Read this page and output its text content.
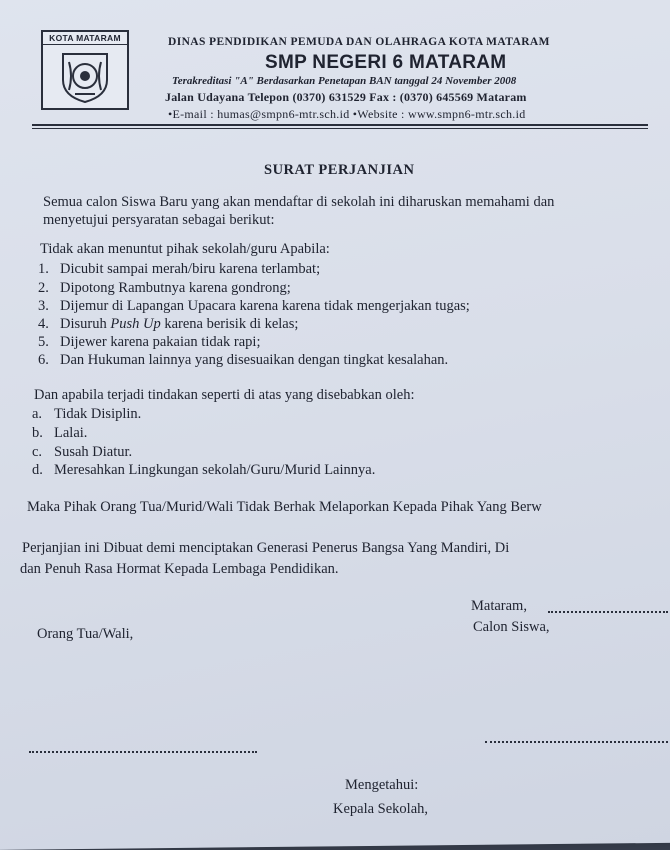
KOTA MATARAM	DINAS PENDIDIKAN PEMUDA DAN OLAHRAGA KOTA MATARAM
SMP NEGERI 6 MATARAM
Terakreditasi "A" Berdasarkan Penetapan BAN tanggal 24 November 2008
Jalan Udayana Telepon (0370) 631529 Fax : (0370) 645569 Mataram
•E-mail : humas@smpn6-mtr.sch.id •Website : www.smpn6-mtr.sch.id
SURAT PERJANJIAN
Semua calon Siswa Baru yang akan mendaftar di sekolah ini diharuskan memahami dan
menyetujui persyaratan sebagai berikut:
Tidak akan menuntut pihak sekolah/guru Apabila:
1. Dicubit sampai merah/biru karena terlambat;
2. Dipotong Rambutnya karena gondrong;
3. Dijemur di Lapangan Upacara karena karena tidak mengerjakan tugas;
4. Disuruh Push Up karena berisik di kelas;
5. Dijewer karena pakaian tidak rapi;
6. Dan Hukuman lainnya yang disesuaikan dengan tingkat kesalahan.
Dan apabila terjadi tindakan seperti di atas yang disebabkan oleh:
a. Tidak Disiplin.
b. Lalai.
c. Susah Diatur.
d. Meresahkan Lingkungan sekolah/Guru/Murid Lainnya.
Maka Pihak Orang Tua/Murid/Wali Tidak Berhak Melaporkan Kepada Pihak Yang Berw
Perjanjian ini Dibuat demi menciptakan Generasi Penerus Bangsa Yang Mandiri, Di
dan Penuh Rasa Hormat Kepada Lembaga Pendidikan.
Mataram,
Calon Siswa,
Orang Tua/Wali,
Mengetahui:
Kepala Sekolah,
